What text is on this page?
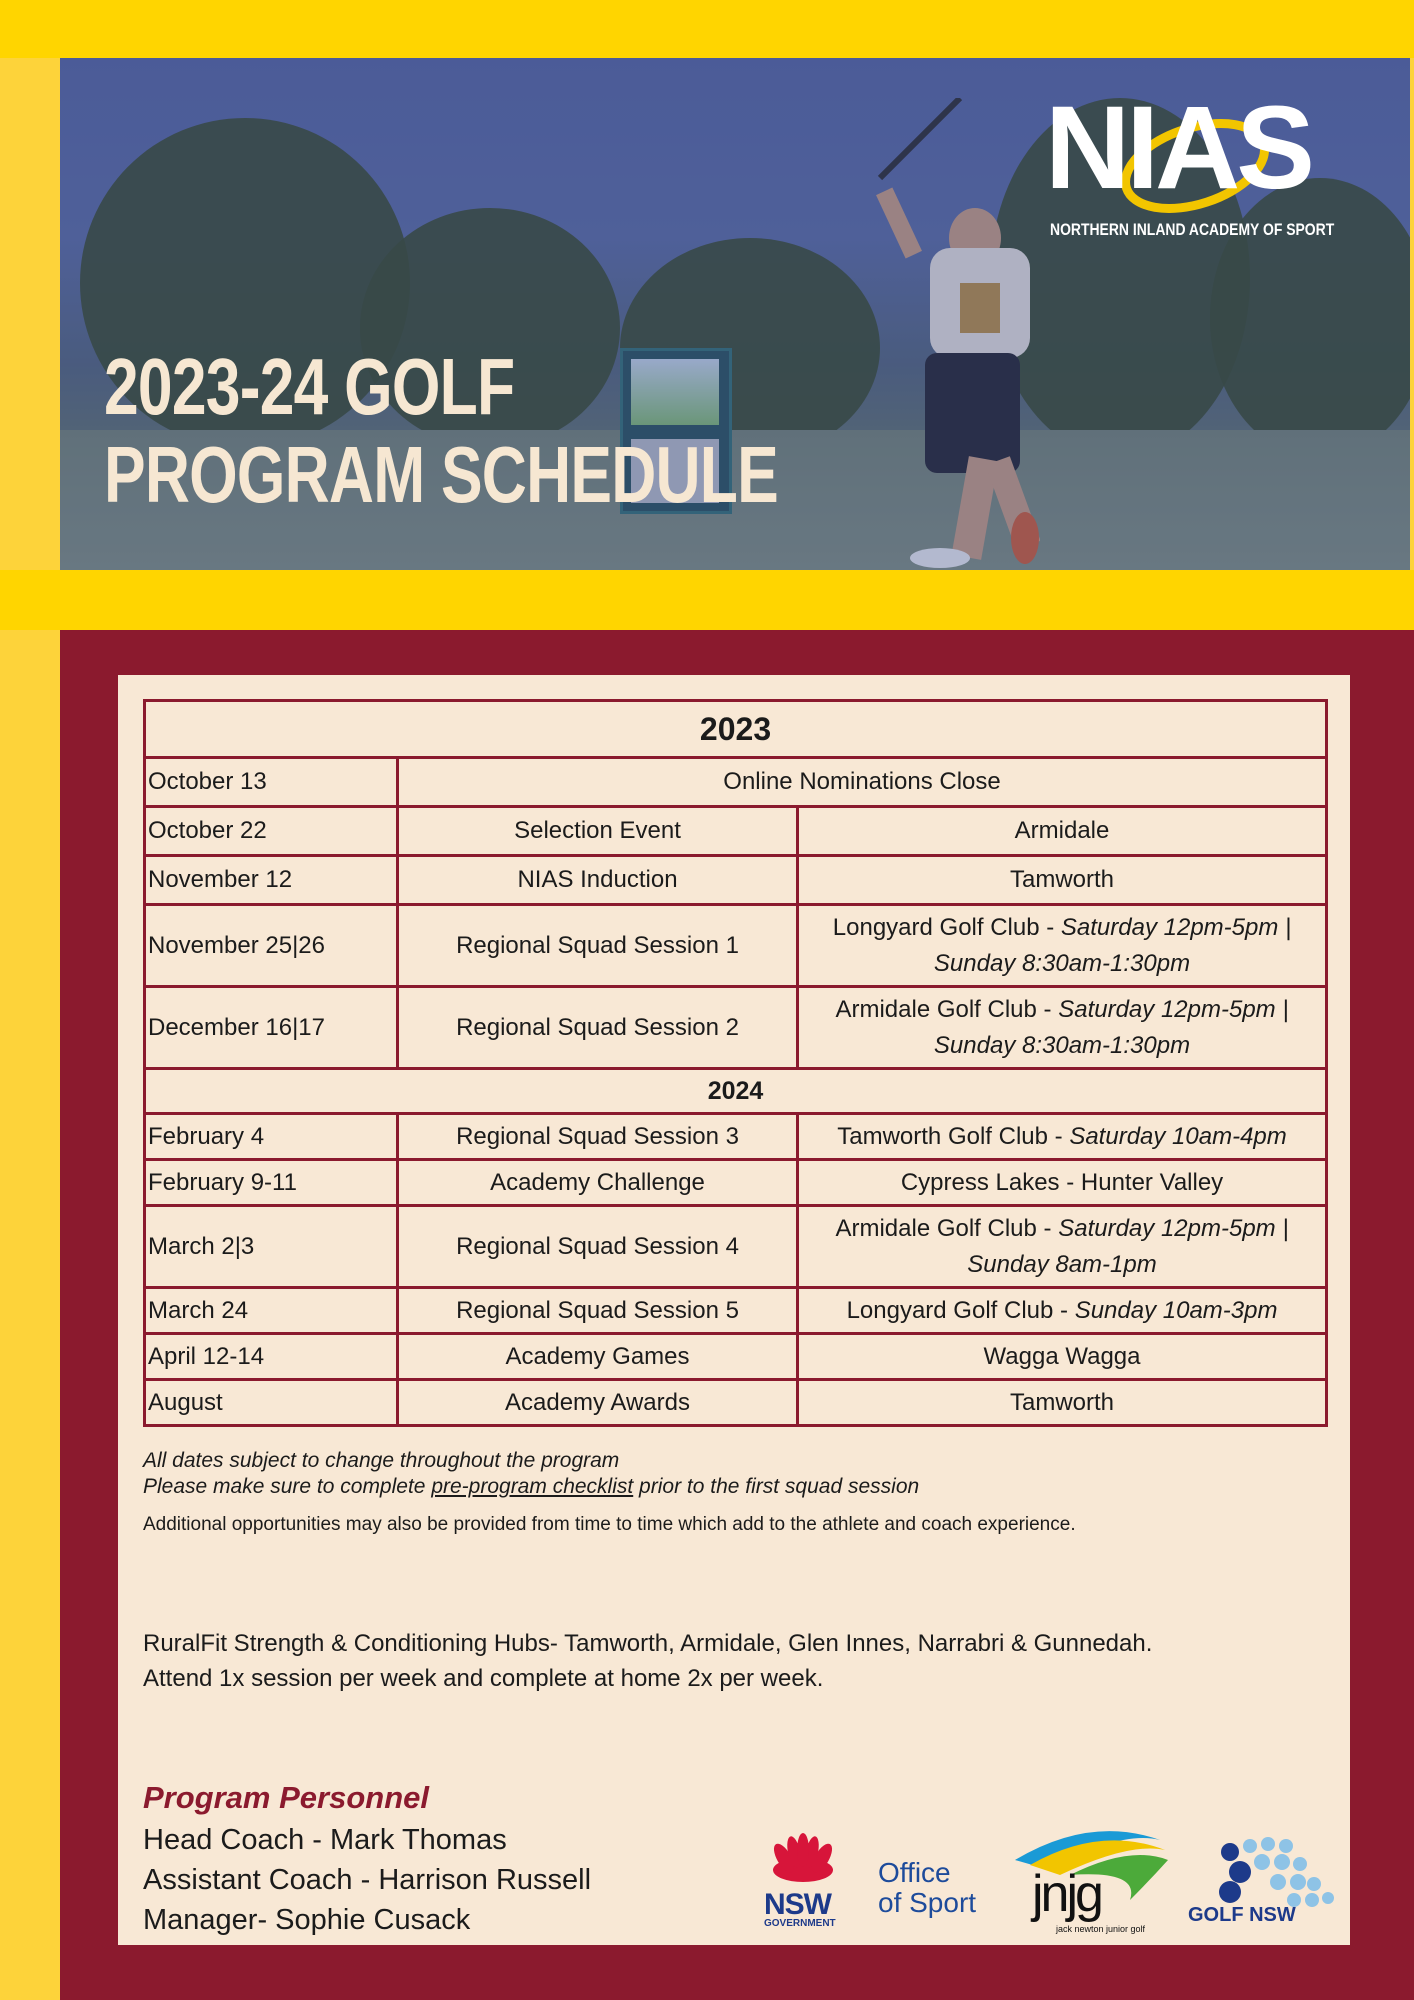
2023-24 GOLF
PROGRAM SCHEDULE
NIAS
NORTHERN INLAND ACADEMY OF SPORT
2023		
October 13	Online Nominations Close	
October 22	Selection Event	Armidale
November 12	NIAS Induction	Tamworth
November 25|26	Regional Squad Session 1	Longyard Golf Club - Saturday 12pm-5pm | Sunday 8:30am-1:30pm
December 16|17	Regional Squad Session 2	Armidale Golf Club - Saturday 12pm-5pm | Sunday 8:30am-1:30pm
2024		
February 4	Regional Squad Session 3	Tamworth Golf Club - Saturday 10am-4pm
February 9-11	Academy Challenge	Cypress Lakes - Hunter Valley
March 2|3	Regional Squad Session 4	Armidale Golf Club - Saturday 12pm-5pm | Sunday 8am-1pm
March 24	Regional Squad Session 5	Longyard Golf Club - Sunday 10am-3pm
April 12-14	Academy Games	Wagga Wagga
August	Academy Awards	Tamworth
All dates subject to change throughout the program
Please make sure to complete pre-program checklist prior to the first squad session
Additional opportunities may also be provided from time to time which add to the athlete and coach experience.
RuralFit Strength & Conditioning Hubs- Tamworth, Armidale, Glen Innes, Narrabri & Gunnedah.
Attend 1x session per week and complete at home 2x per week.
Program Personnel
Head Coach - Mark Thomas
Assistant Coach - Harrison Russell
Manager- Sophie Cusack	NSW
GOVERNMENT
Office
of Sport jnjg
jack newton junior golf
GOLF NSW
